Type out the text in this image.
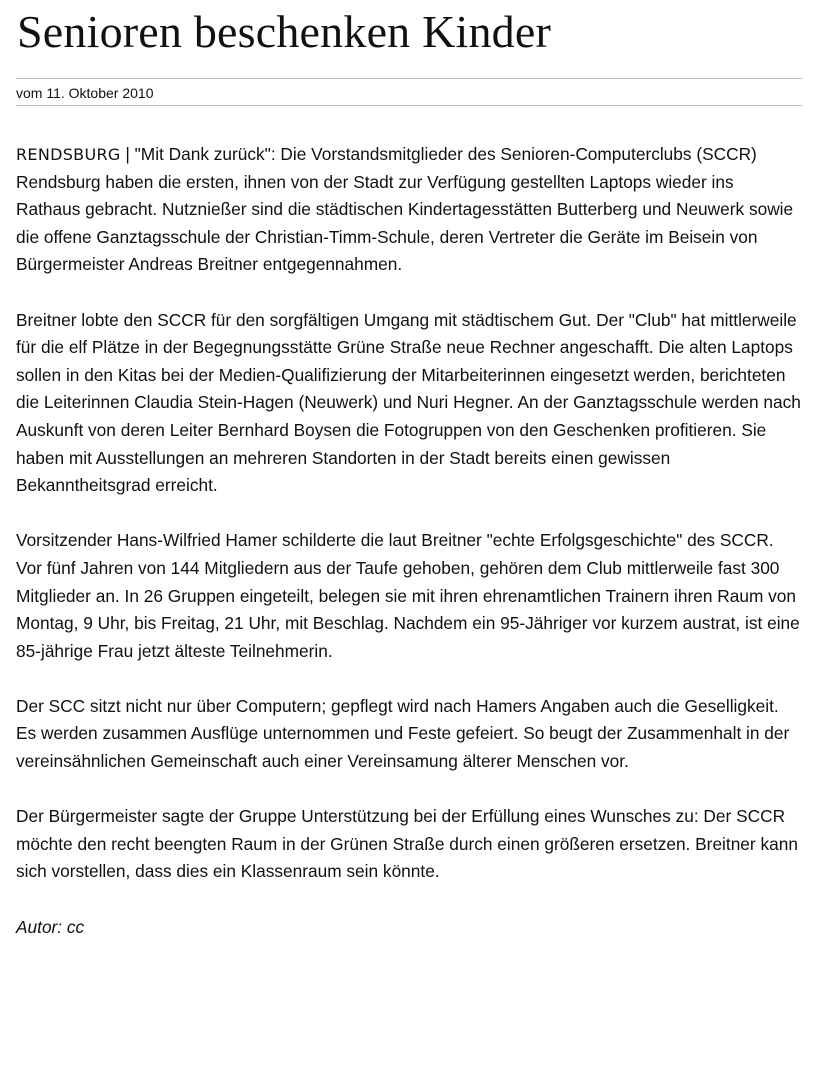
Senioren beschenken Kinder
vom 11. Oktober 2010

RENDSBURG | "Mit Dank zurück": Die Vorstandsmitglieder des Senioren-Computerclubs (SCCR) Rendsburg haben die ersten, ihnen von der Stadt zur Verfügung gestellten Laptops wieder ins Rathaus gebracht. Nutznießer sind die städtischen Kindertagesstätten Butterberg und Neuwerk sowie die offene Ganztagsschule der Christian-Timm-Schule, deren Vertreter die Geräte im Beisein von Bürgermeister Andreas Breitner entgegennahmen.

Breitner lobte den SCCR für den sorgfältigen Umgang mit städtischem Gut. Der "Club" hat mittlerweile für die elf Plätze in der Begegnungsstätte Grüne Straße neue Rechner angeschafft. Die alten Laptops sollen in den Kitas bei der Medien-Qualifizierung der Mitarbeiterinnen eingesetzt werden, berichteten die Leiterinnen Claudia Stein-Hagen (Neuwerk) und Nuri Hegner. An der Ganztagsschule werden nach Auskunft von deren Leiter Bernhard Boysen die Fotogruppen von den Geschenken profitieren. Sie haben mit Ausstellungen an mehreren Standorten in der Stadt bereits einen gewissen Bekanntheitsgrad erreicht.

Vorsitzender Hans-Wilfried Hamer schilderte die laut Breitner "echte Erfolgsgeschichte" des SCCR. Vor fünf Jahren von 144 Mitgliedern aus der Taufe gehoben, gehören dem Club mittlerweile fast 300 Mitglieder an. In 26 Gruppen eingeteilt, belegen sie mit ihren ehrenamtlichen Trainern ihren Raum von Montag, 9 Uhr, bis Freitag, 21 Uhr, mit Beschlag. Nachdem ein 95-Jähriger vor kurzem austrat, ist eine 85-jährige Frau jetzt älteste Teilnehmerin.

Der SCC sitzt nicht nur über Computern; gepflegt wird nach Hamers Angaben auch die Geselligkeit. Es werden zusammen Ausflüge unternommen und Feste gefeiert. So beugt der Zusammenhalt in der vereinsähnlichen Gemeinschaft auch einer Vereinsamung älterer Menschen vor.

Der Bürgermeister sagte der Gruppe Unterstützung bei der Erfüllung eines Wunsches zu: Der SCCR möchte den recht beengten Raum in der Grünen Straße durch einen größeren ersetzen. Breitner kann sich vorstellen, dass dies ein Klassenraum sein könnte.

Autor: cc
